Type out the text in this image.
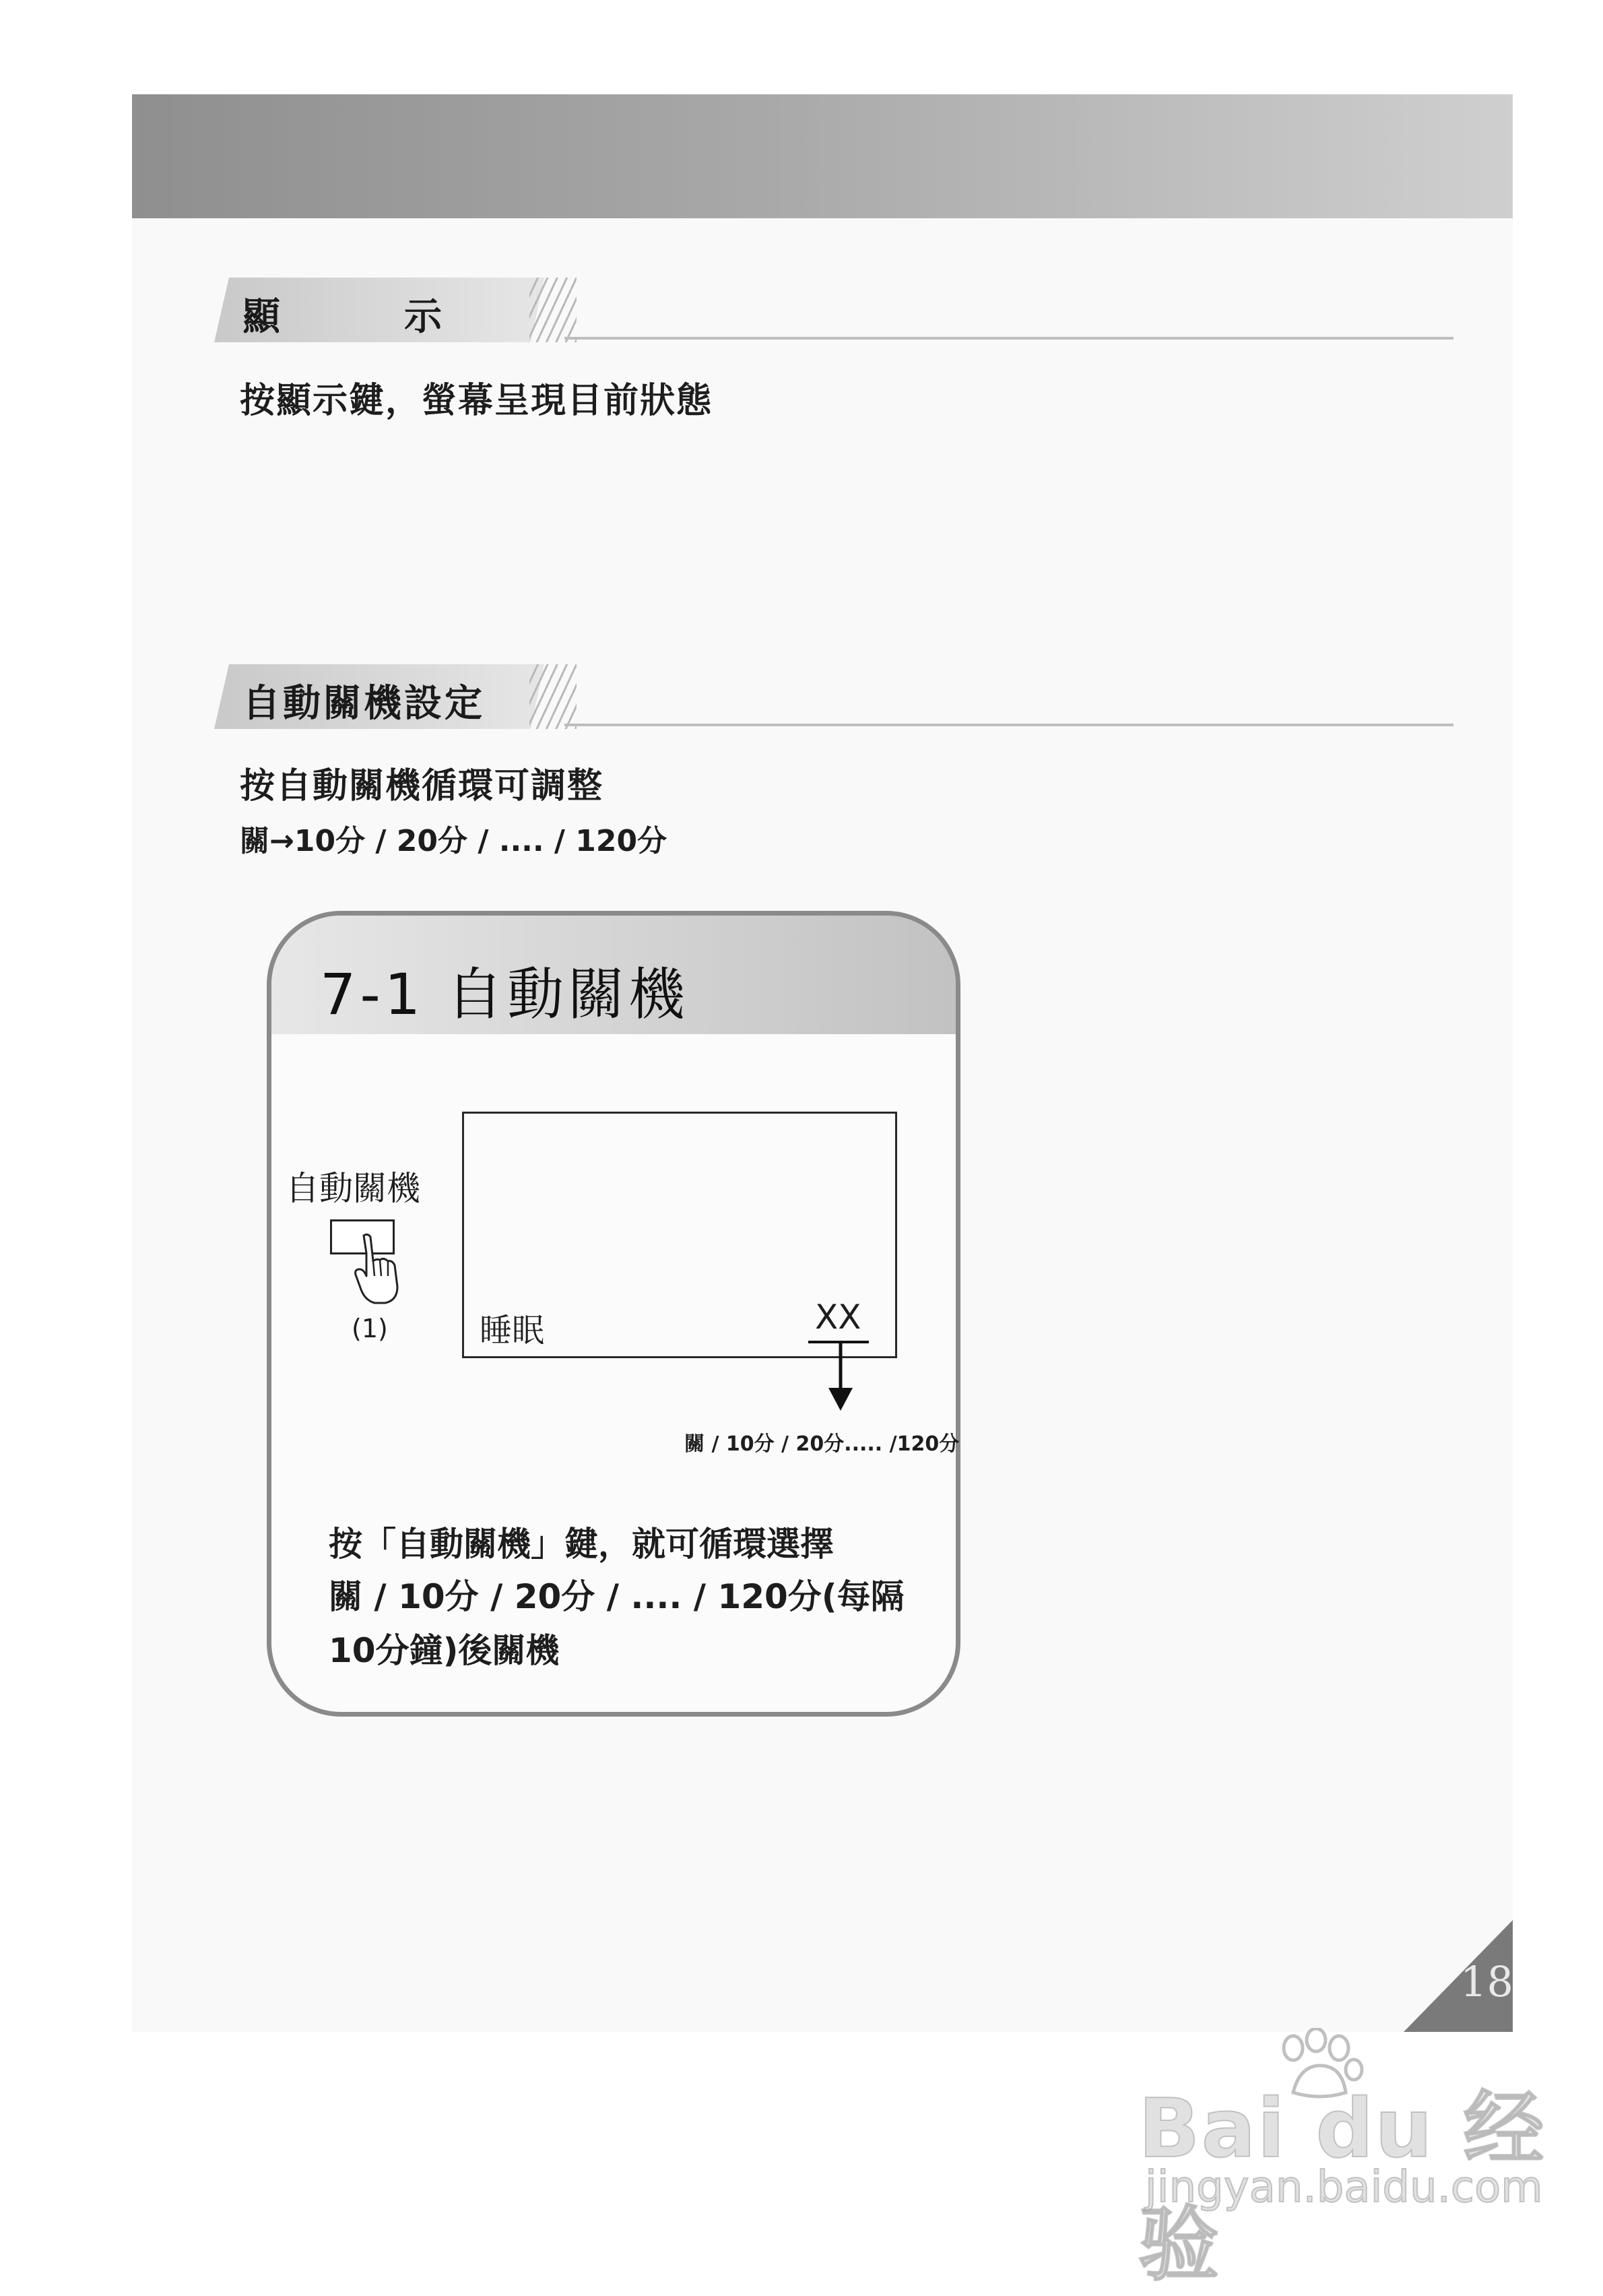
顯　　　示
按顯示鍵，螢幕呈現目前狀態
自動關機設定
按自動關機循環可調整
關→10分 / 20分 / .... / 120分
7-1 自動關機
自動關機
(1)	睡眠	XX
關 / 10分 / 20分..... /120分
按「自動關機」鍵，就可循環選擇
關 / 10分 / 20分 / .... / 120分(每隔
10分鐘)後關機
18
Bai du 经验
jingyan.baidu.com
